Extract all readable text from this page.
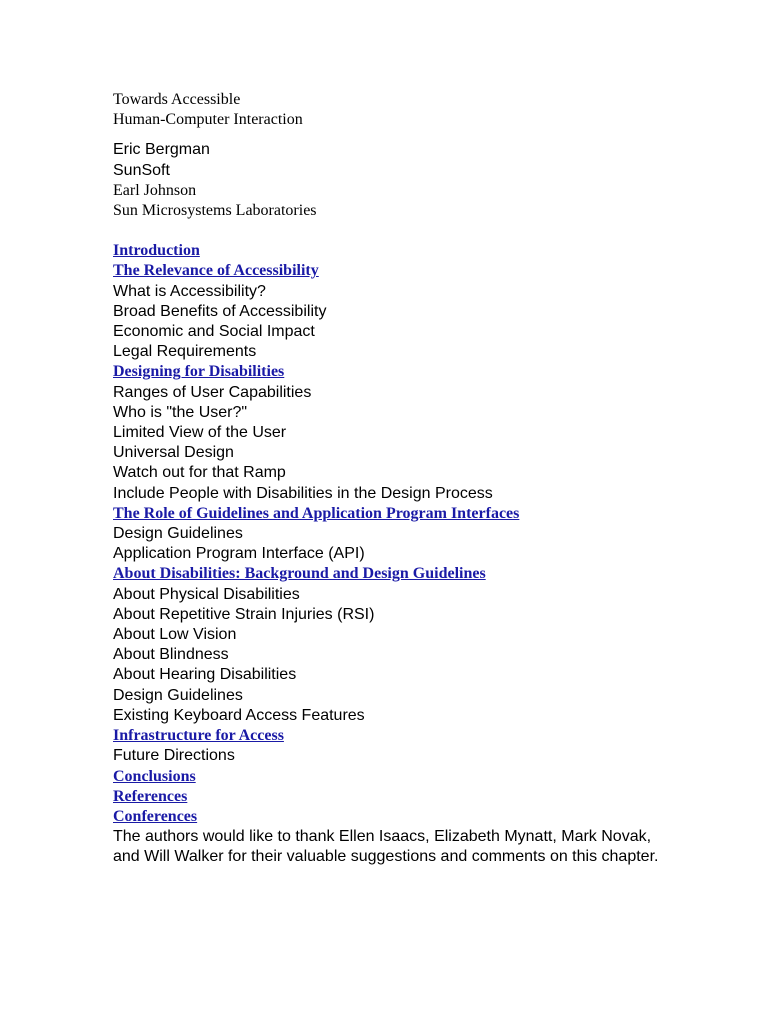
Towards Accessible
Human-Computer Interaction
Eric Bergman
SunSoft
Earl Johnson
Sun Microsystems Laboratories
Introduction
The Relevance of Accessibility
What is Accessibility?
Broad Benefits of Accessibility
Economic and Social Impact
Legal Requirements
Designing for Disabilities
Ranges of User Capabilities
Who is "the User?"
Limited View of the User
Universal Design
Watch out for that Ramp
Include People with Disabilities in the Design Process
The Role of Guidelines and Application Program Interfaces
Design Guidelines
Application Program Interface (API)
About Disabilities: Background and Design Guidelines
About Physical Disabilities
About Repetitive Strain Injuries (RSI)
About Low Vision
About Blindness
About Hearing Disabilities
Design Guidelines
Existing Keyboard Access Features
Infrastructure for Access
Future Directions
Conclusions
References
Conferences
The authors would like to thank Ellen Isaacs, Elizabeth Mynatt, Mark Novak, and Will Walker for their valuable suggestions and comments on this chapter.
